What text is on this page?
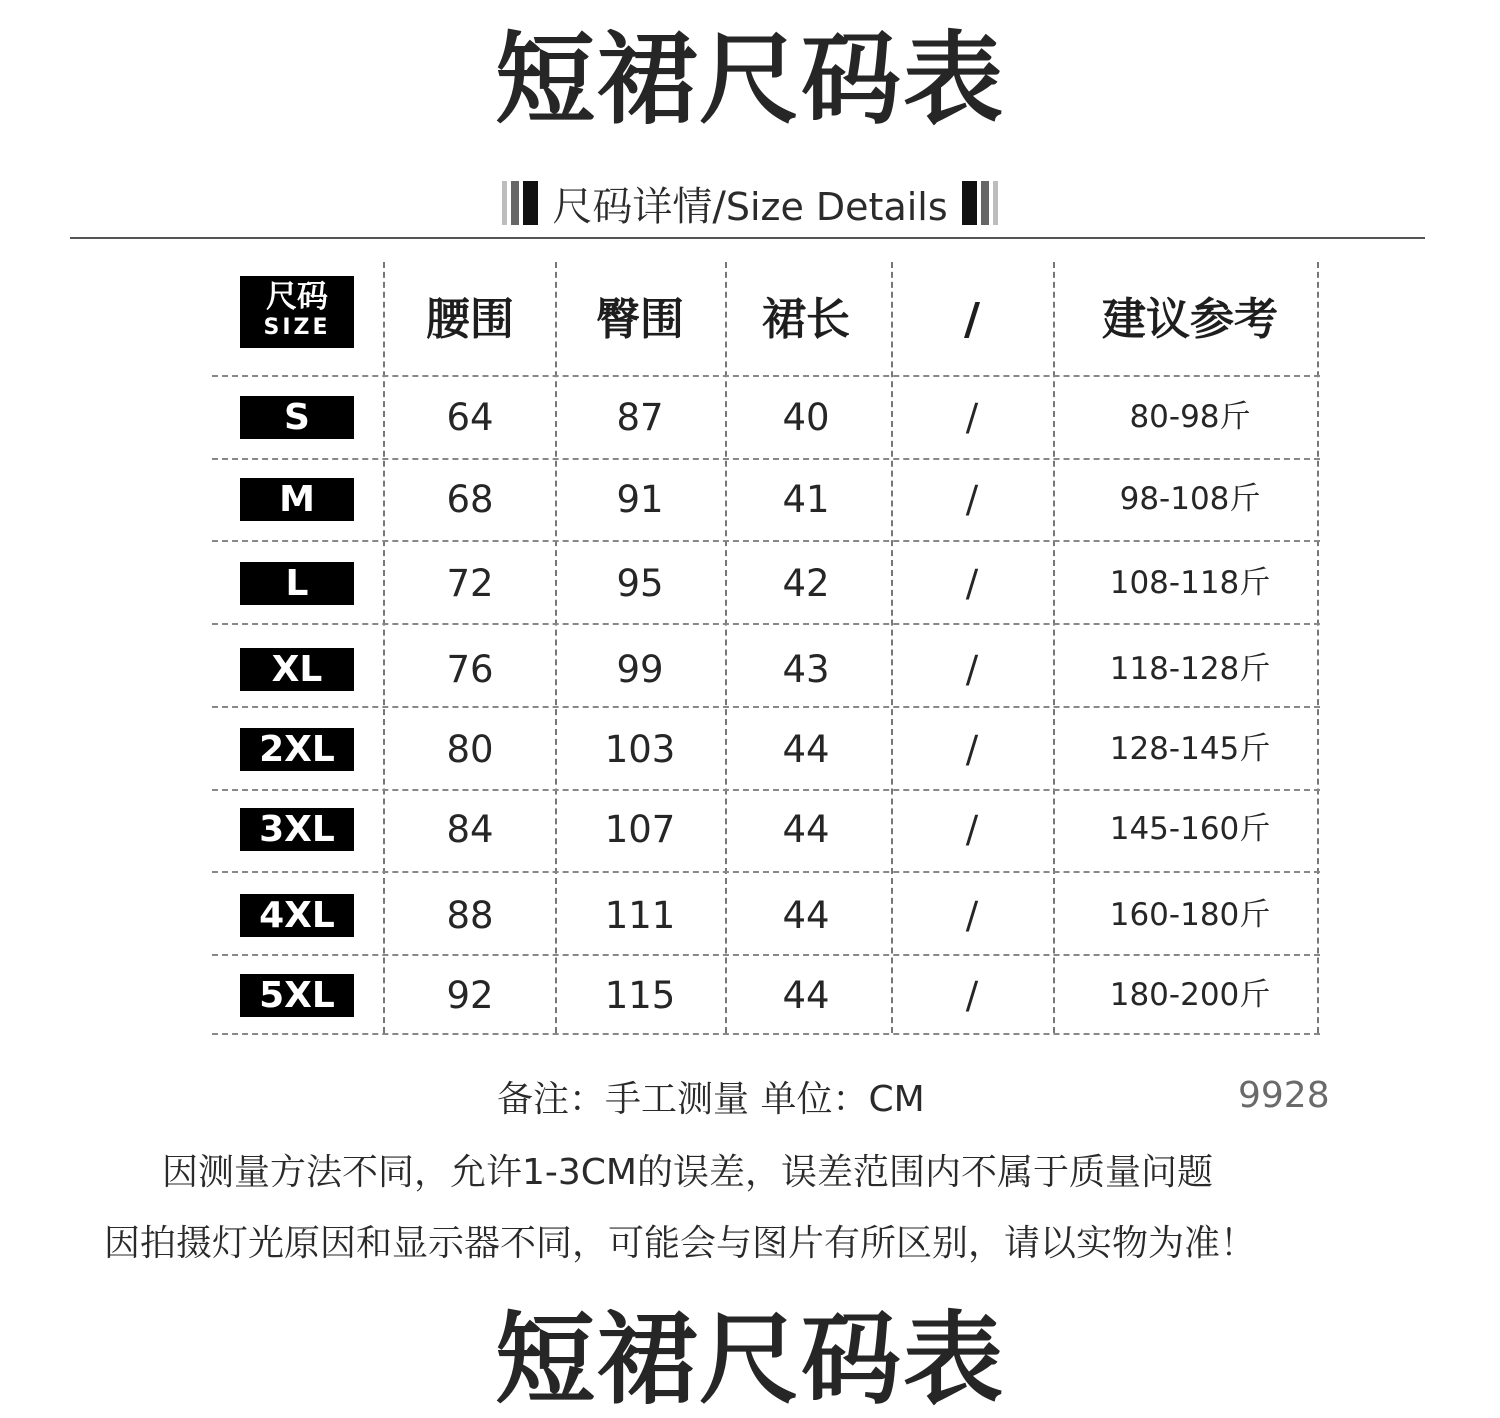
短裙尺码表
尺码详情/Size Details
尺码
SIZE	腰围	臀围	裙长	/	建议参考
S	64	87	40	/	80-98斤
M	68	91	41	/	98-108斤
L	72	95	42	/	108-118斤
XL	76	99	43	/	118-128斤
2XL	80	103	44	/	128-145斤
3XL	84	107	44	/	145-160斤
4XL	88	111	44	/	160-180斤
5XL	92	115	44	/	180-200斤
备注：手工测量 单位：CM	9928
因测量方法不同，允许1-3CM的误差，误差范围内不属于质量问题
因拍摄灯光原因和显示器不同，可能会与图片有所区别，请以实物为准！
短裙尺码表
